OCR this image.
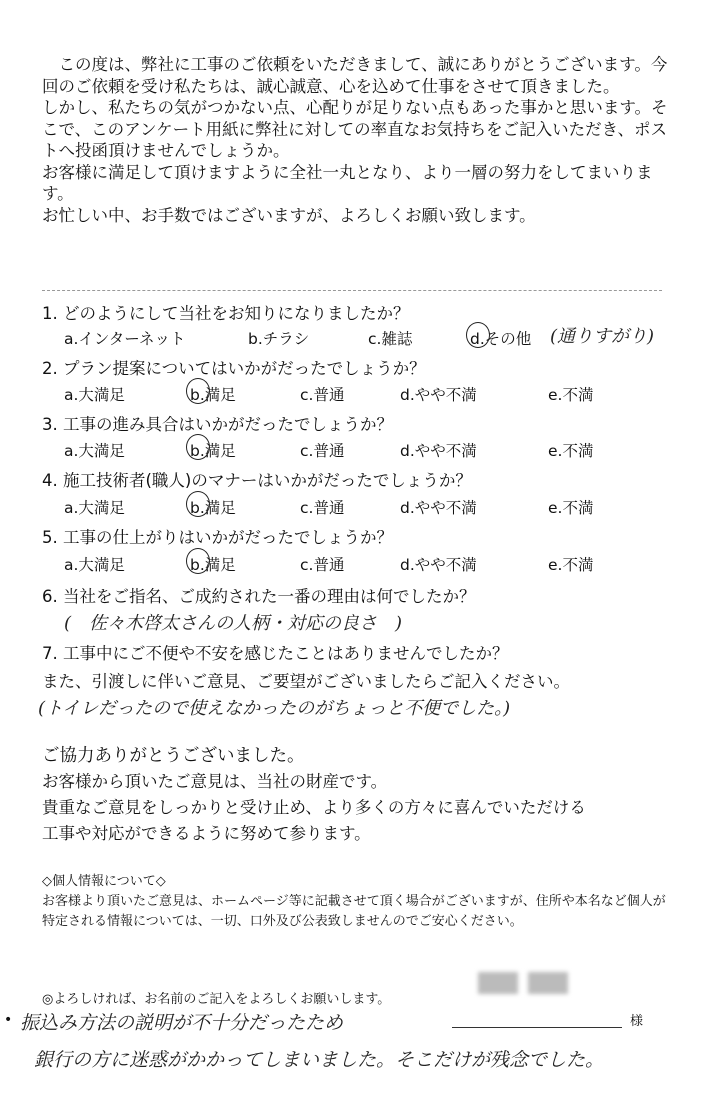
この度は、弊社に工事のご依頼をいただきまして、誠にありがとうございます。今回のご依頼を受け私たちは、誠心誠意、心を込めて仕事をさせて頂きました。

しかし、私たちの気がつかない点、心配りが足りない点もあった事かと思います。そこで、このアンケート用紙に弊社に対しての率直なお気持ちをご記入いただき、ポストへ投函頂けませんでしょうか。

お客様に満足して頂けますように全社一丸となり、より一層の努力をしてまいります。

お忙しい中、お手数ではございますが、よろしくお願い致します。

1. どのようにして当社をお知りになりましたか？
a.インターネット	b.チラシ	c.雑誌	d.その他 (通りすがり)
2. プラン提案についてはいかがだったでしょうか？
a.大満足	b.満足	c.普通	d.やや不満	e.不満
3. 工事の進み具合はいかがだったでしょうか？
a.大満足	b.満足	c.普通	d.やや不満	e.不満
4. 施工技術者(職人)のマナーはいかがだったでしょうか？
a.大満足	b.満足	c.普通	d.やや不満	e.不満
5. 工事の仕上がりはいかがだったでしょうか？
a.大満足	b.満足	c.普通	d.やや不満	e.不満
6. 当社をご指名、ご成約された一番の理由は何でしたか？
(　佐々木啓太さんの人柄・対応の良さ　)
7. 工事中にご不便や不安を感じたことはありませんでしたか？
また、引渡しに伴いご意見、ご要望がございましたらご記入ください。
(トイレだったので使えなかったのがちょっと不便でした。)
ご協力ありがとうございました。
お客様から頂いたご意見は、当社の財産です。
貴重なご意見をしっかりと受け止め、より多くの方々に喜んでいただける
工事や対応ができるように努めて参ります。
◇個人情報について◇
お客様より頂いたご意見は、ホームページ等に記載させて頂く場合がございますが、住所や本名など個人が特定される情報については、一切、口外及び公表致しませんのでご安心ください。
◎よろしければ、お名前のご記入をよろしくお願いします。
様
• 振込み方法の説明が不十分だったため
銀行の方に迷惑がかかってしまいました。そこだけが残念でした。
